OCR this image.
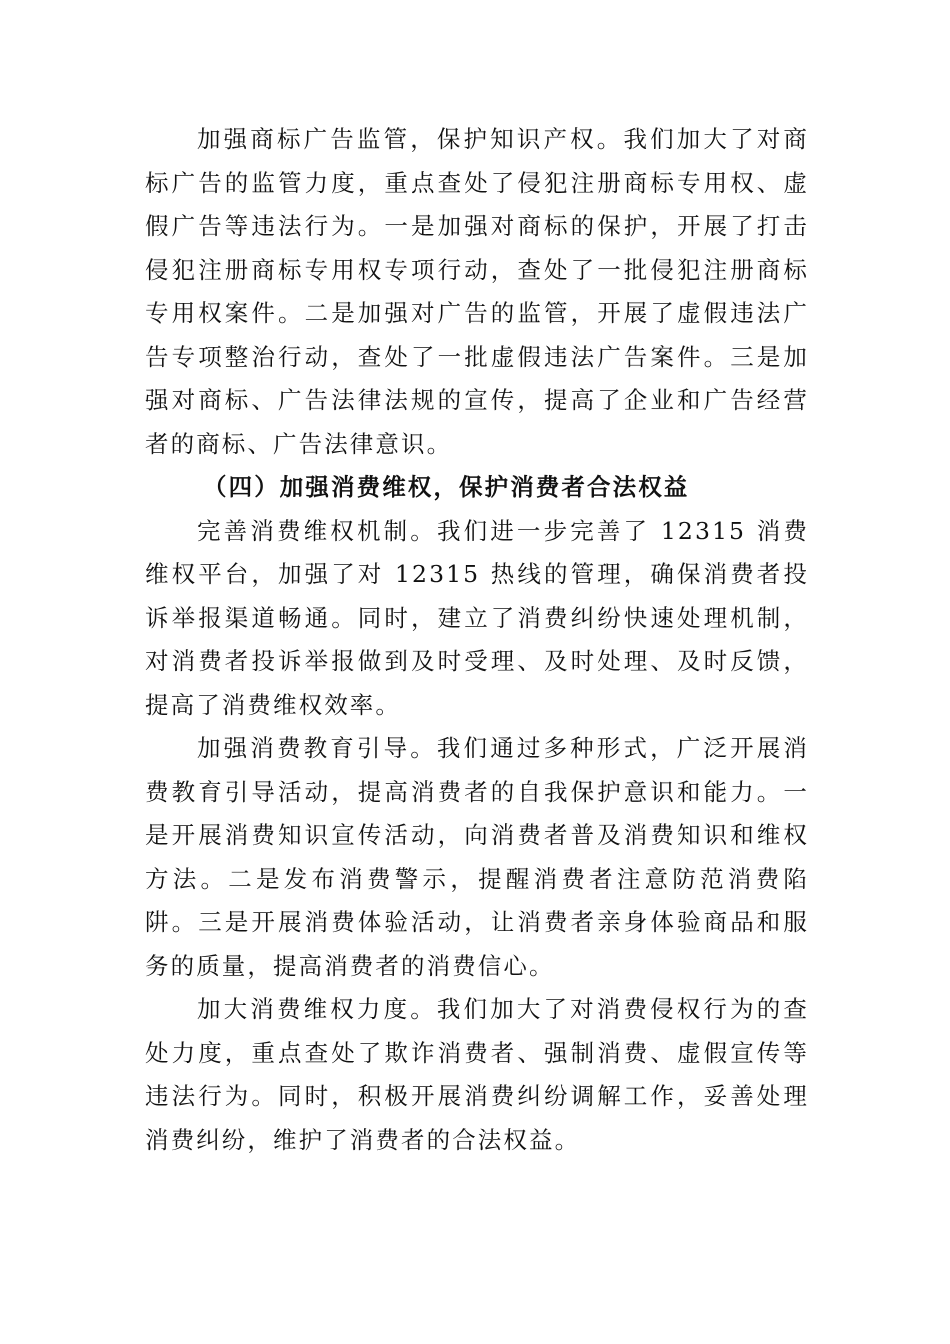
加强商标广告监管，保护知识产权。我们加大了对商标广告的监管力度，重点查处了侵犯注册商标专用权、虚假广告等违法行为。一是加强对商标的保护，开展了打击侵犯注册商标专用权专项行动，查处了一批侵犯注册商标专用权案件。二是加强对广告的监管，开展了虚假违法广告专项整治行动，查处了一批虚假违法广告案件。三是加强对商标、广告法律法规的宣传，提高了企业和广告经营者的商标、广告法律意识。

（四）加强消费维权，保护消费者合法权益

完善消费维权机制。我们进一步完善了 12315 消费维权平台，加强了对 12315 热线的管理，确保消费者投诉举报渠道畅通。同时，建立了消费纠纷快速处理机制，对消费者投诉举报做到及时受理、及时处理、及时反馈，提高了消费维权效率。

加强消费教育引导。我们通过多种形式，广泛开展消费教育引导活动，提高消费者的自我保护意识和能力。一是开展消费知识宣传活动，向消费者普及消费知识和维权方法。二是发布消费警示，提醒消费者注意防范消费陷阱。三是开展消费体验活动，让消费者亲身体验商品和服务的质量，提高消费者的消费信心。

加大消费维权力度。我们加大了对消费侵权行为的查处力度，重点查处了欺诈消费者、强制消费、虚假宣传等违法行为。同时，积极开展消费纠纷调解工作，妥善处理消费纠纷，维护了消费者的合法权益。
